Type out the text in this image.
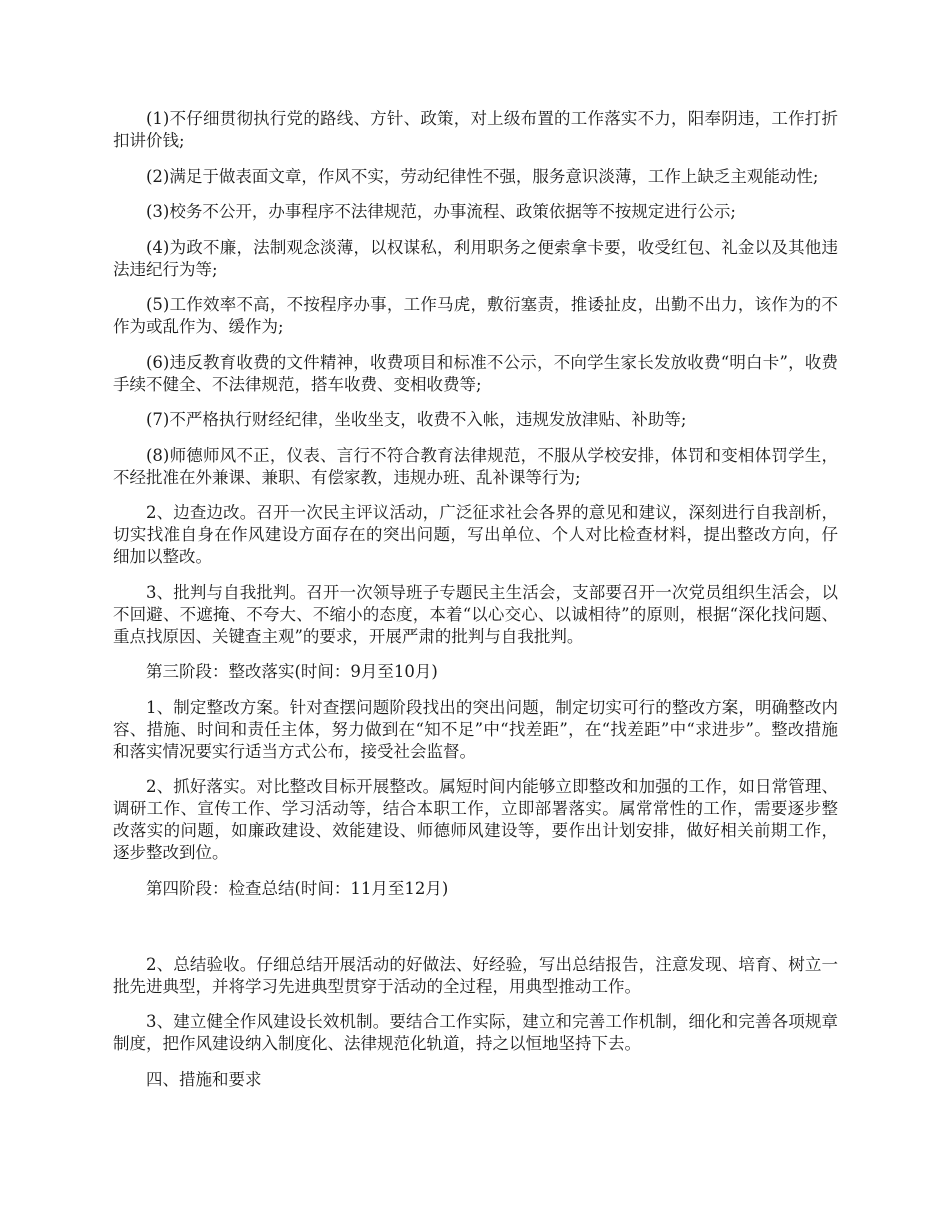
(1)不仔细贯彻执行党的路线、方针、政策，对上级布置的工作落实不力，阳奉阴违，工作打折扣讲价钱;

(2)满足于做表面文章，作风不实，劳动纪律性不强，服务意识淡薄，工作上缺乏主观能动性;

(3)校务不公开，办事程序不法律规范，办事流程、政策依据等不按规定进行公示;

(4)为政不廉，法制观念淡薄，以权谋私，利用职务之便索拿卡要，收受红包、礼金以及其他违法违纪行为等;

(5)工作效率不高，不按程序办事，工作马虎，敷衍塞责，推诿扯皮，出勤不出力，该作为的不作为或乱作为、缓作为;

(6)违反教育收费的文件精神，收费项目和标准不公示，不向学生家长发放收费“明白卡”，收费手续不健全、不法律规范，搭车收费、变相收费等;

(7)不严格执行财经纪律，坐收坐支，收费不入帐，违规发放津贴、补助等;

(8)师德师风不正，仪表、言行不符合教育法律规范，不服从学校安排，体罚和变相体罚学生，不经批准在外兼课、兼职、有偿家教，违规办班、乱补课等行为;

2、边查边改。召开一次民主评议活动，广泛征求社会各界的意见和建议，深刻进行自我剖析，切实找准自身在作风建设方面存在的突出问题，写出单位、个人对比检查材料，提出整改方向，仔细加以整改。

3、批判与自我批判。召开一次领导班子专题民主生活会，支部要召开一次党员组织生活会，以不回避、不遮掩、不夸大、不缩小的态度，本着“以心交心、以诚相待”的原则，根据“深化找问题、重点找原因、关键查主观”的要求，开展严肃的批判与自我批判。

第三阶段：整改落实(时间：9月至10月)

1、制定整改方案。针对查摆问题阶段找出的突出问题，制定切实可行的整改方案，明确整改内容、措施、时间和责任主体，努力做到在“知不足”中“找差距”，在“找差距”中“求进步”。整改措施和落实情况要实行适当方式公布，接受社会监督。

2、抓好落实。对比整改目标开展整改。属短时间内能够立即整改和加强的工作，如日常管理、调研工作、宣传工作、学习活动等，结合本职工作，立即部署落实。属常常性的工作，需要逐步整改落实的问题，如廉政建设、效能建设、师德师风建设等，要作出计划安排，做好相关前期工作，逐步整改到位。

第四阶段：检查总结(时间：11月至12月)

2、总结验收。仔细总结开展活动的好做法、好经验，写出总结报告，注意发现、培育、树立一批先进典型，并将学习先进典型贯穿于活动的全过程，用典型推动工作。

3、建立健全作风建设长效机制。要结合工作实际，建立和完善工作机制，细化和完善各项规章制度，把作风建设纳入制度化、法律规范化轨道，持之以恒地坚持下去。

四、措施和要求
